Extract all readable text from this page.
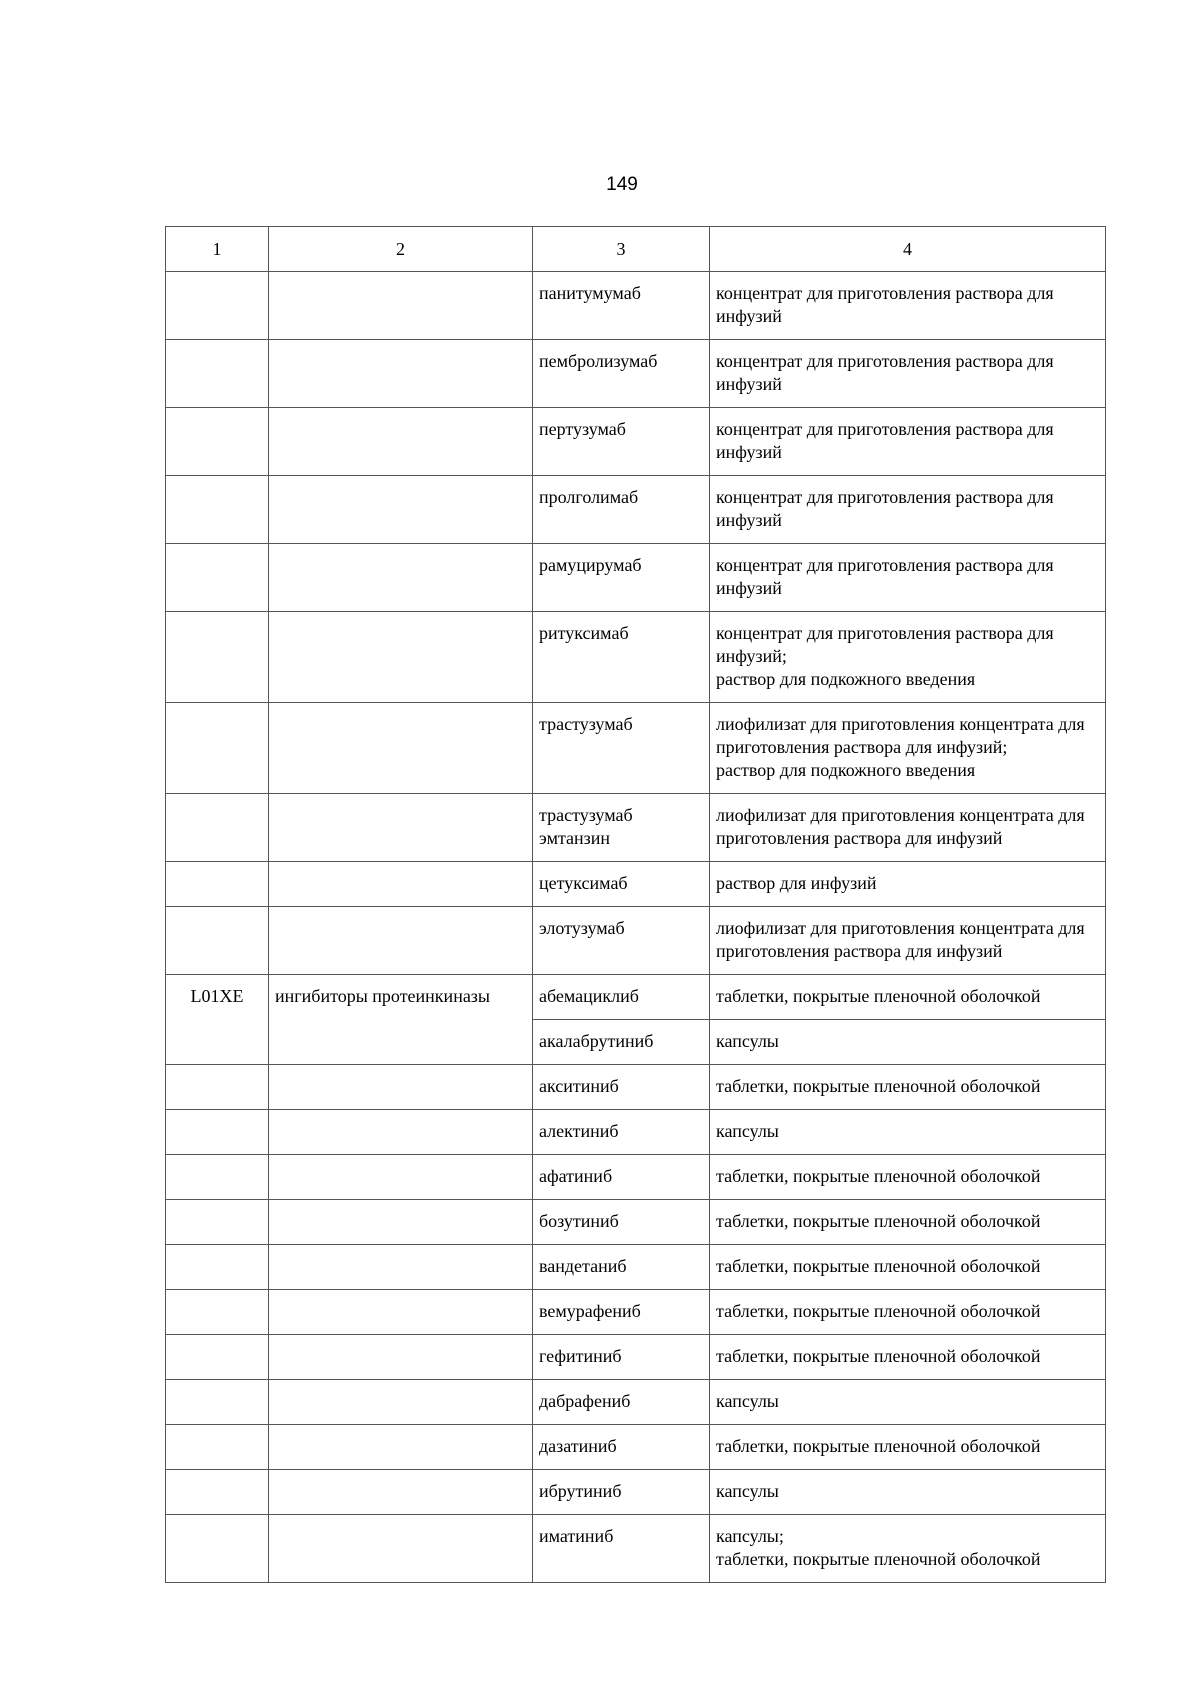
149
1	2	3	4
		панитумумаб	концентрат для приготовления раствора для инфузий

		пембролизумаб	концентрат для приготовления раствора для инфузий

		пертузумаб	концентрат для приготовления раствора для инфузий

		пролголимаб	концентрат для приготовления раствора для инфузий

		рамуцирумаб	концентрат для приготовления раствора для инфузий

		ритуксимаб	концентрат для приготовления раствора для инфузий;
раствор для подкожного введения

		трастузумаб	лиофилизат для приготовления концентрата для приготовления раствора для инфузий;
раствор для подкожного введения

		трастузумаб эмтанзин	лиофилизат для приготовления концентрата для приготовления раствора для инфузий

		цетуксимаб	раствор для инфузий

		элотузумаб	лиофилизат для приготовления концентрата для приготовления раствора для инфузий

L01XE	ингибиторы протеинкиназы	абемациклиб	таблетки, покрытые пленочной оболочкой

		акалабрутиниб	капсулы

		акситиниб	таблетки, покрытые пленочной оболочкой

		алектиниб	капсулы

		афатиниб	таблетки, покрытые пленочной оболочкой

		бозутиниб	таблетки, покрытые пленочной оболочкой

		вандетаниб	таблетки, покрытые пленочной оболочкой

		вемурафениб	таблетки, покрытые пленочной оболочкой

		гефитиниб	таблетки, покрытые пленочной оболочкой

		дабрафениб	капсулы

		дазатиниб	таблетки, покрытые пленочной оболочкой

		ибрутиниб	капсулы

		иматиниб	капсулы;
таблетки, покрытые пленочной оболочкой
